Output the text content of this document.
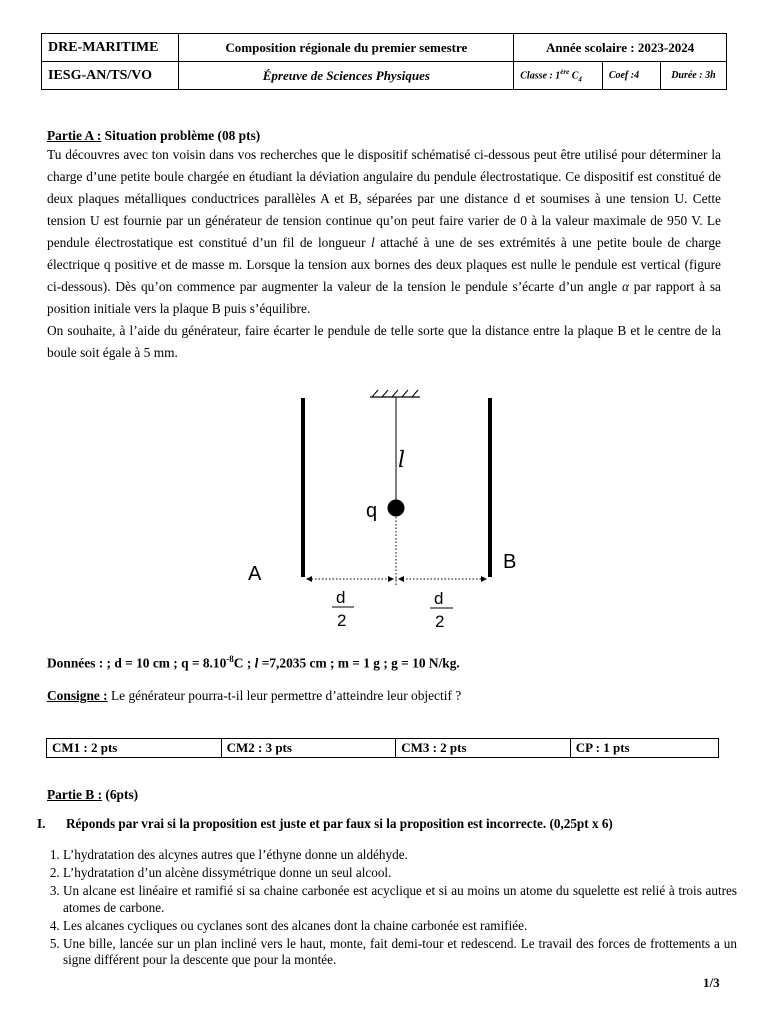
DRE-MARITIME	Composition régionale du premier semestre	Année scolaire : 2023-2024		
IESG-AN/TS/VO	Épreuve de Sciences Physiques	Classe : 1ère $C_4$	Coef :4	Durée : 3h

Partie A : Situation problème (08 pts)

Tu découvres avec ton voisin dans vos recherches que le dispositif schématisé ci-dessous peut être utilisé pour déterminer la charge d’une petite boule chargée en étudiant la déviation angulaire du pendule électrostatique. Ce dispositif est constitué de deux plaques métalliques conductrices parallèles A et B, séparées par une distance d et soumises à une tension U. Cette tension U est fournie par un générateur de tension continue qu’on peut faire varier de 0 à la valeur maximale de 950 V. Le pendule électrostatique est constitué d’un fil de longueur l attaché à une de ses extrémités à une petite boule de charge électrique q positive et de masse m. Lorsque la tension aux bornes des deux plaques est nulle le pendule est vertical (figure ci-dessous). Dès qu’on commence par augmenter la valeur de la tension le pendule s’écarte d’un angle α par rapport à sa position initiale vers la plaque B puis s’équilibre.

On souhaite, à l’aide du générateur, faire écarter le pendule de telle sorte que la distance entre la plaque B et le centre de la boule soit égale à 5 mm.

A
B
q
l
d
2
d
2
Données : ; d = 10 cm ; $q = 8.10^{-8}C$ ; l =7,2035 cm ; m = 1 g ; g = 10 N/kg.
Consigne : Le générateur pourra-t-il leur permettre d’atteindre leur objectif ?
CM1 : 2 pts	CM2 : 3 pts	CM3 : 2 pts	CP : 1 pts
Partie B : (6pts)
I. Réponds par vrai si la proposition est juste et par faux si la proposition est incorrecte. (0,25pt x 6)
1. L’hydratation des alcynes autres que l’éthyne donne un aldéhyde.
2. L’hydratation d’un alcène dissymétrique donne un seul alcool.
3. Un alcane est linéaire et ramifié si sa chaine carbonée est acyclique et si au moins un atome du squelette est relié à trois autres atomes de carbone.
4. Les alcanes cycliques ou cyclanes sont des alcanes dont la chaine carbonée est ramifiée.
5. Une bille, lancée sur un plan incliné vers le haut, monte, fait demi-tour et redescend. Le travail des forces de frottements a un signe différent pour la descente que pour la montée.
1/3
